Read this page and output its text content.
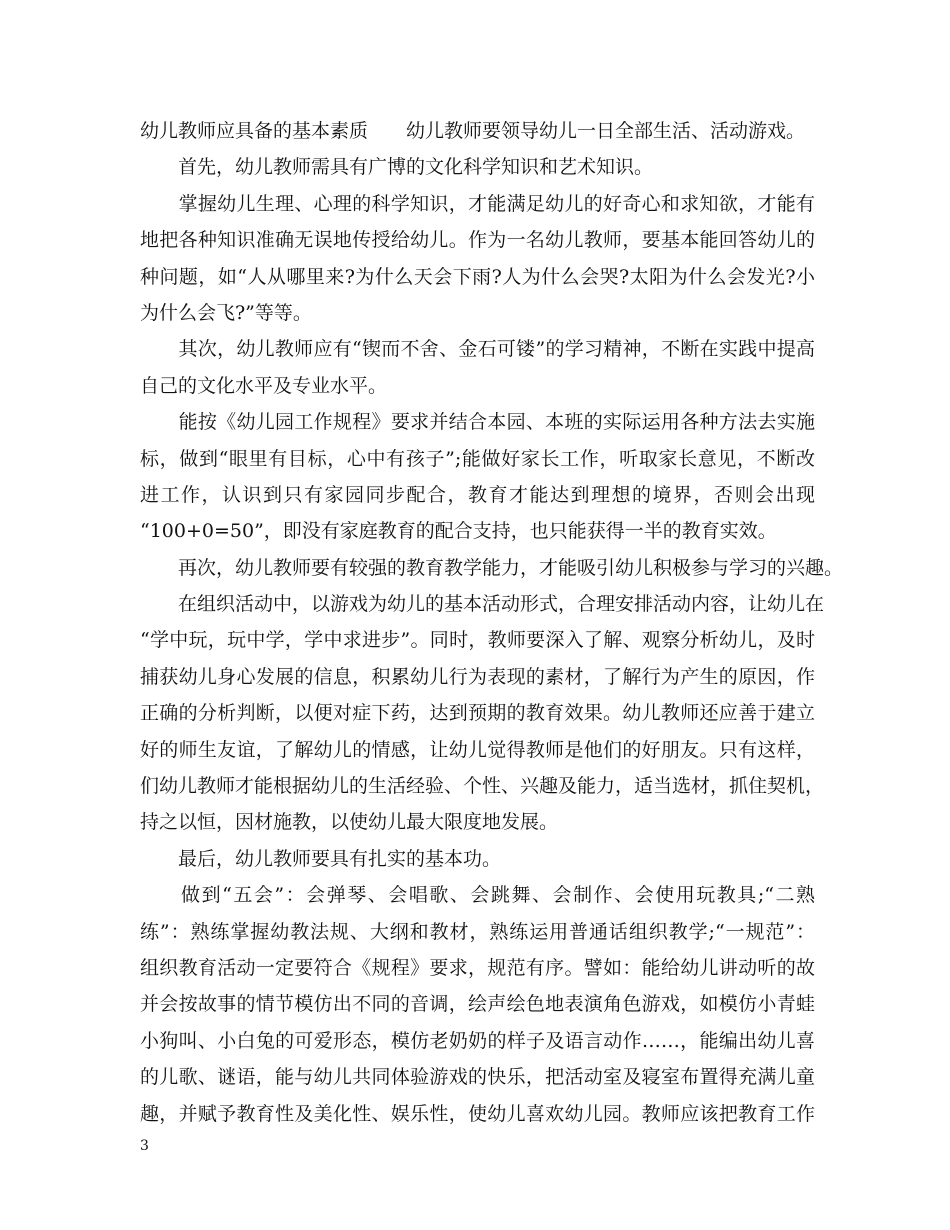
幼儿教师应具备的基本素质　　幼儿教师要领导幼儿一日全部生活、活动游戏。
　　首先，幼儿教师需具有广博的文化科学知识和艺术知识。
　　掌握幼儿生理、心理的科学知识，才能满足幼儿的好奇心和求知欲，才能有
地把各种知识准确无误地传授给幼儿。作为一名幼儿教师，要基本能回答幼儿的
种问题，如“人从哪里来?为什么天会下雨?人为什么会哭?太阳为什么会发光?小
为什么会飞?”等等。
　　其次，幼儿教师应有“锲而不舍、金石可镂”的学习精神，不断在实践中提高
自己的文化水平及专业水平。
　　能按《幼儿园工作规程》要求并结合本园、本班的实际运用各种方法去实施
标，做到“眼里有目标，心中有孩子”;能做好家长工作，听取家长意见，不断改
进工作，认识到只有家园同步配合，教育才能达到理想的境界，否则会出现
“100+0=50”，即没有家庭教育的配合支持，也只能获得一半的教育实效。
　　再次，幼儿教师要有较强的教育教学能力，才能吸引幼儿积极参与学习的兴趣。
　　在组织活动中，以游戏为幼儿的基本活动形式，合理安排活动内容，让幼儿在
“学中玩，玩中学，学中求进步”。同时，教师要深入了解、观察分析幼儿，及时
捕获幼儿身心发展的信息，积累幼儿行为表现的素材，了解行为产生的原因，作
正确的分析判断，以便对症下药，达到预期的教育效果。幼儿教师还应善于建立
好的师生友谊，了解幼儿的情感，让幼儿觉得教师是他们的好朋友。只有这样，
们幼儿教师才能根据幼儿的生活经验、个性、兴趣及能力，适当选材，抓住契机，
持之以恒，因材施教，以使幼儿最大限度地发展。
　　最后，幼儿教师要具有扎实的基本功。
　　做到“五会”：会弹琴、会唱歌、会跳舞、会制作、会使用玩教具;“二熟
练”：熟练掌握幼教法规、大纲和教材，熟练运用普通话组织教学;“一规范”：
组织教育活动一定要符合《规程》要求，规范有序。譬如：能给幼儿讲动听的故
并会按故事的情节模仿出不同的音调，绘声绘色地表演角色游戏，如模仿小青蛙
小狗叫、小白兔的可爱形态，模仿老奶奶的样子及语言动作……，能编出幼儿喜
的儿歌、谜语，能与幼儿共同体验游戏的快乐，把活动室及寝室布置得充满儿童
趣，并赋予教育性及美化性、娱乐性，使幼儿喜欢幼儿园。教师应该把教育工作
3
